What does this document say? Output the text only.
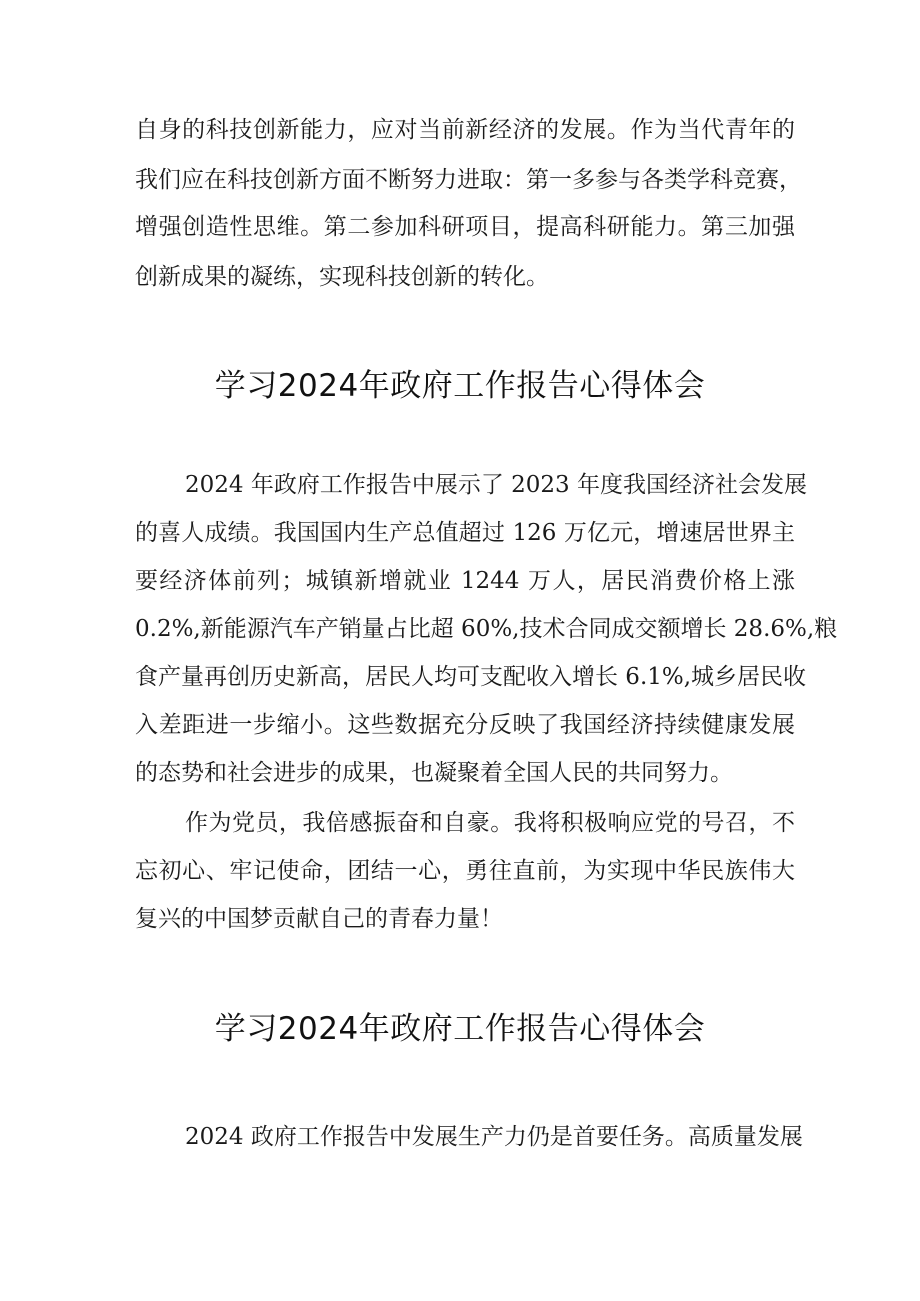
自身的科技创新能力，应对当前新经济的发展。作为当代青年的
我们应在科技创新方面不断努力进取：第一多参与各类学科竞赛，
增强创造性思维。第二参加科研项目，提高科研能力。第三加强
创新成果的凝练，实现科技创新的转化。
学习2024年政府工作报告心得体会
2024 年政府工作报告中展示了 2023 年度我国经济社会发展
的喜人成绩。我国国内生产总值超过 126 万亿元，增速居世界主
要经济体前列；城镇新增就业 1244 万人，居民消费价格上涨
0.2%,新能源汽车产销量占比超 60%,技术合同成交额增长 28.6%,粮
食产量再创历史新高，居民人均可支配收入增长 6.1%,城乡居民收
入差距进一步缩小。这些数据充分反映了我国经济持续健康发展
的态势和社会进步的成果，也凝聚着全国人民的共同努力。
作为党员，我倍感振奋和自豪。我将积极响应党的号召，不
忘初心、牢记使命，团结一心，勇往直前，为实现中华民族伟大
复兴的中国梦贡献自己的青春力量！
学习2024年政府工作报告心得体会
2024 政府工作报告中发展生产力仍是首要任务。高质量发展
